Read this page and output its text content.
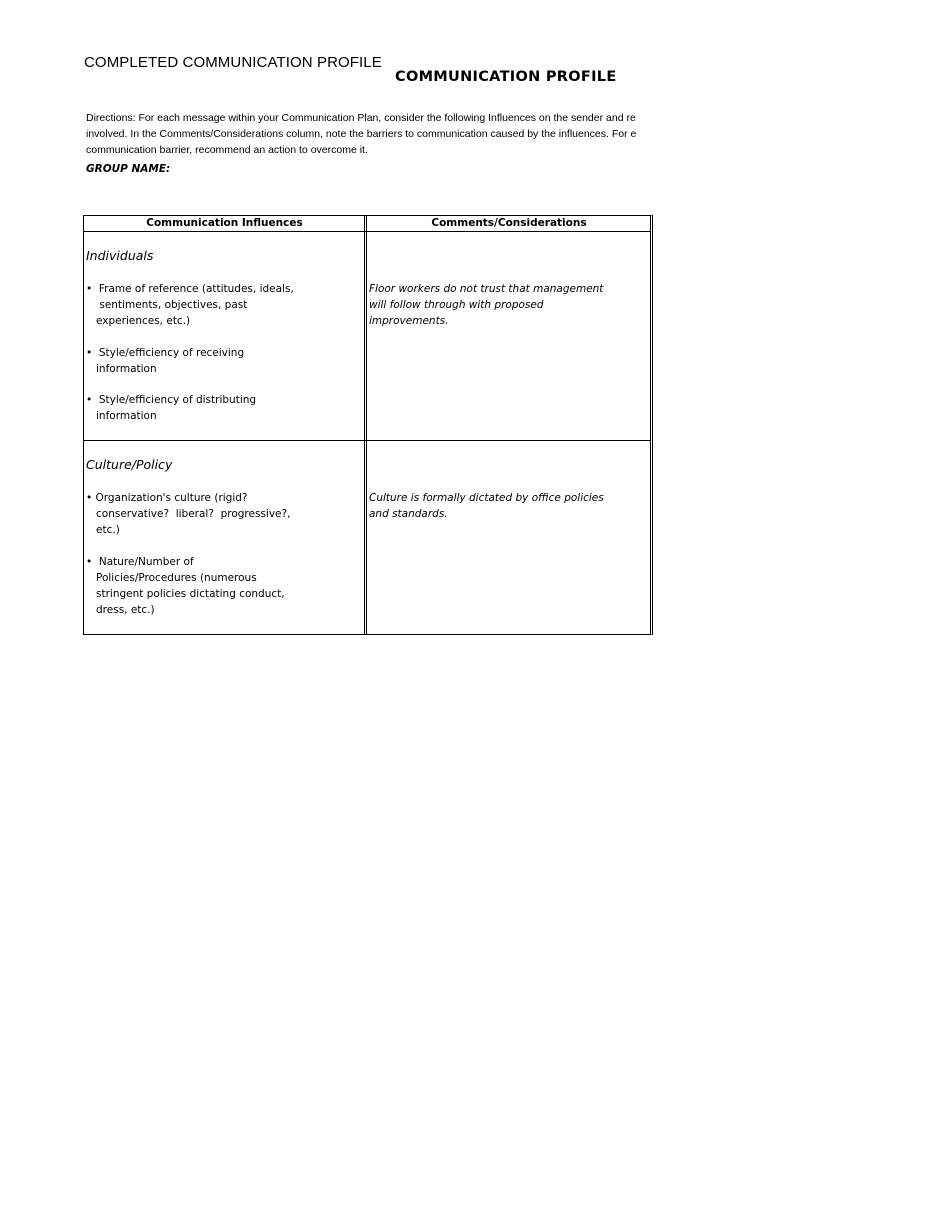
COMPLETED COMMUNICATION PROFILE
COMMUNICATION PROFILE
Directions: For each message within your Communication Plan, consider the following Influences on the sender and re
involved. In the Comments/Considerations column, note the barriers to communication caused by the influences. For e
communication barrier, recommend an action to overcome it.
GROUP NAME:
Communication Influences	Comments/Considerations
Individuals
•  Frame of reference (attitudes, ideals,
sentiments, objectives, past
experiences, etc.)
•  Style/efficiency of receiving
information
•  Style/efficiency of distributing
information
Floor workers do not trust that management
will follow through with proposed
improvements.
Culture/Policy
• Organization's culture (rigid?
conservative?  liberal?  progressive?,
etc.)
•  Nature/Number of
Policies/Procedures (numerous
stringent policies dictating conduct,
dress, etc.)
Culture is formally dictated by office policies
and standards.
